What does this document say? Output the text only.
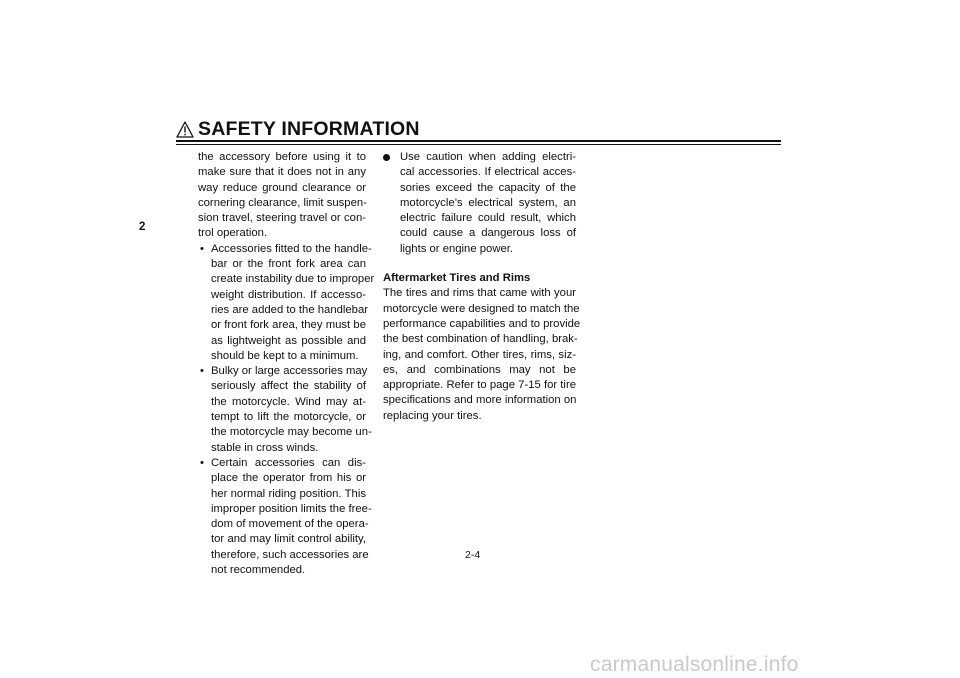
SAFETY INFORMATION
2
the accessory before using it to
make sure that it does not in any
way reduce ground clearance or
cornering clearance, limit suspen-
sion travel, steering travel or con-
trol operation.
• Accessories fitted to the handle-
bar or the front fork area can
create instability due to improper
weight distribution. If accesso-
ries are added to the handlebar
or front fork area, they must be
as lightweight as possible and
should be kept to a minimum.
• Bulky or large accessories may
seriously affect the stability of
the motorcycle. Wind may at-
tempt to lift the motorcycle, or
the motorcycle may become un-
stable in cross winds.
• Certain accessories can dis-
place the operator from his or
her normal riding position. This
improper position limits the free-
dom of movement of the opera-
tor and may limit control ability,
therefore, such accessories are
not recommended.
Use caution when adding electri-
cal accessories. If electrical acces-
sories exceed the capacity of the
motorcycle’s electrical system, an
electric failure could result, which
could cause a dangerous loss of
lights or engine power.
Aftermarket Tires and Rims
The tires and rims that came with your
motorcycle were designed to match the
performance capabilities and to provide
the best combination of handling, brak-
ing, and comfort. Other tires, rims, siz-
es, and combinations may not be
appropriate. Refer to page 7-15 for tire
specifications and more information on
replacing your tires.
2-4
carmanualsonline.info
